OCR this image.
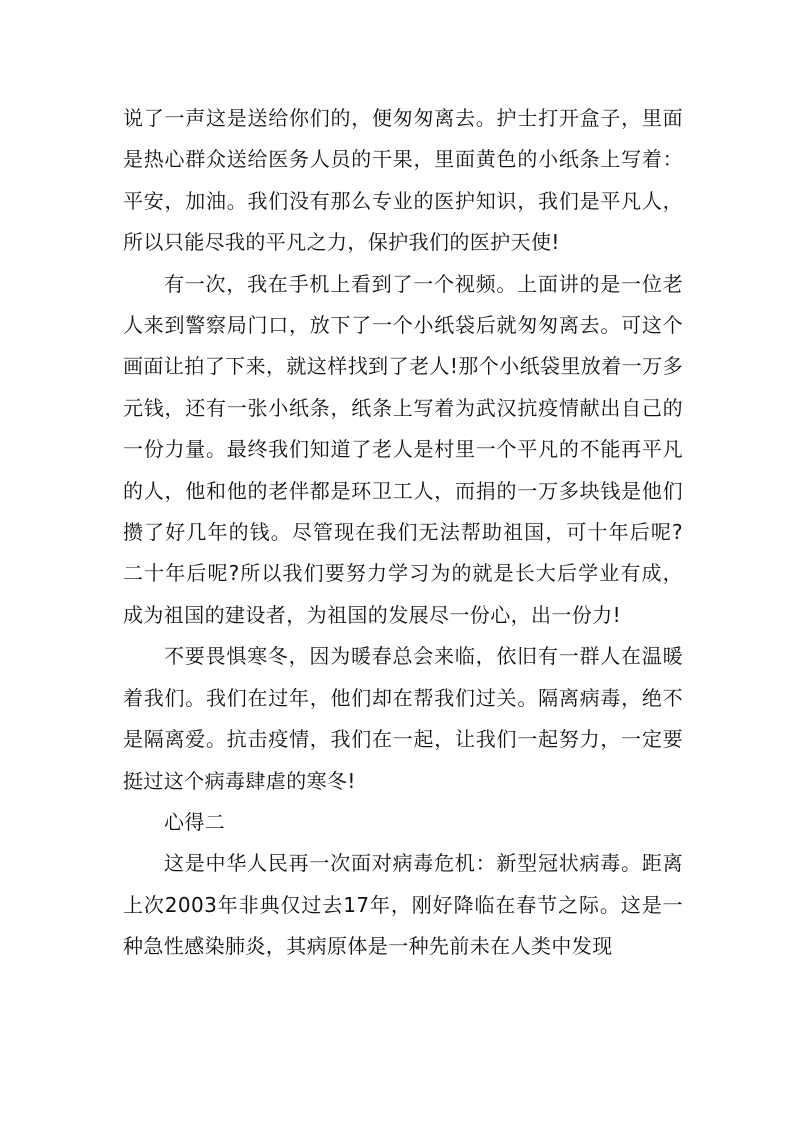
说了一声这是送给你们的，便匆匆离去。护士打开盒子，里面是热心群众送给医务人员的干果，里面黄色的小纸条上写着：平安，加油。我们没有那么专业的医护知识，我们是平凡人，所以只能尽我的平凡之力，保护我们的医护天使!

有一次，我在手机上看到了一个视频。上面讲的是一位老人来到警察局门口，放下了一个小纸袋后就匆匆离去。可这个画面让拍了下来，就这样找到了老人!那个小纸袋里放着一万多元钱，还有一张小纸条，纸条上写着为武汉抗疫情献出自己的一份力量。最终我们知道了老人是村里一个平凡的不能再平凡的人，他和他的老伴都是环卫工人，而捐的一万多块钱是他们攒了好几年的钱。尽管现在我们无法帮助祖国，可十年后呢?二十年后呢?所以我们要努力学习为的就是长大后学业有成，成为祖国的建设者，为祖国的发展尽一份心，出一份力!

不要畏惧寒冬，因为暖春总会来临，依旧有一群人在温暖着我们。我们在过年，他们却在帮我们过关。隔离病毒，绝不是隔离爱。抗击疫情，我们在一起，让我们一起努力，一定要挺过这个病毒肆虐的寒冬!

心得二

这是中华人民再一次面对病毒危机：新型冠状病毒。距离上次2003年非典仅过去17年，刚好降临在春节之际。这是一种急性感染肺炎，其病原体是一种先前未在人类中发现
